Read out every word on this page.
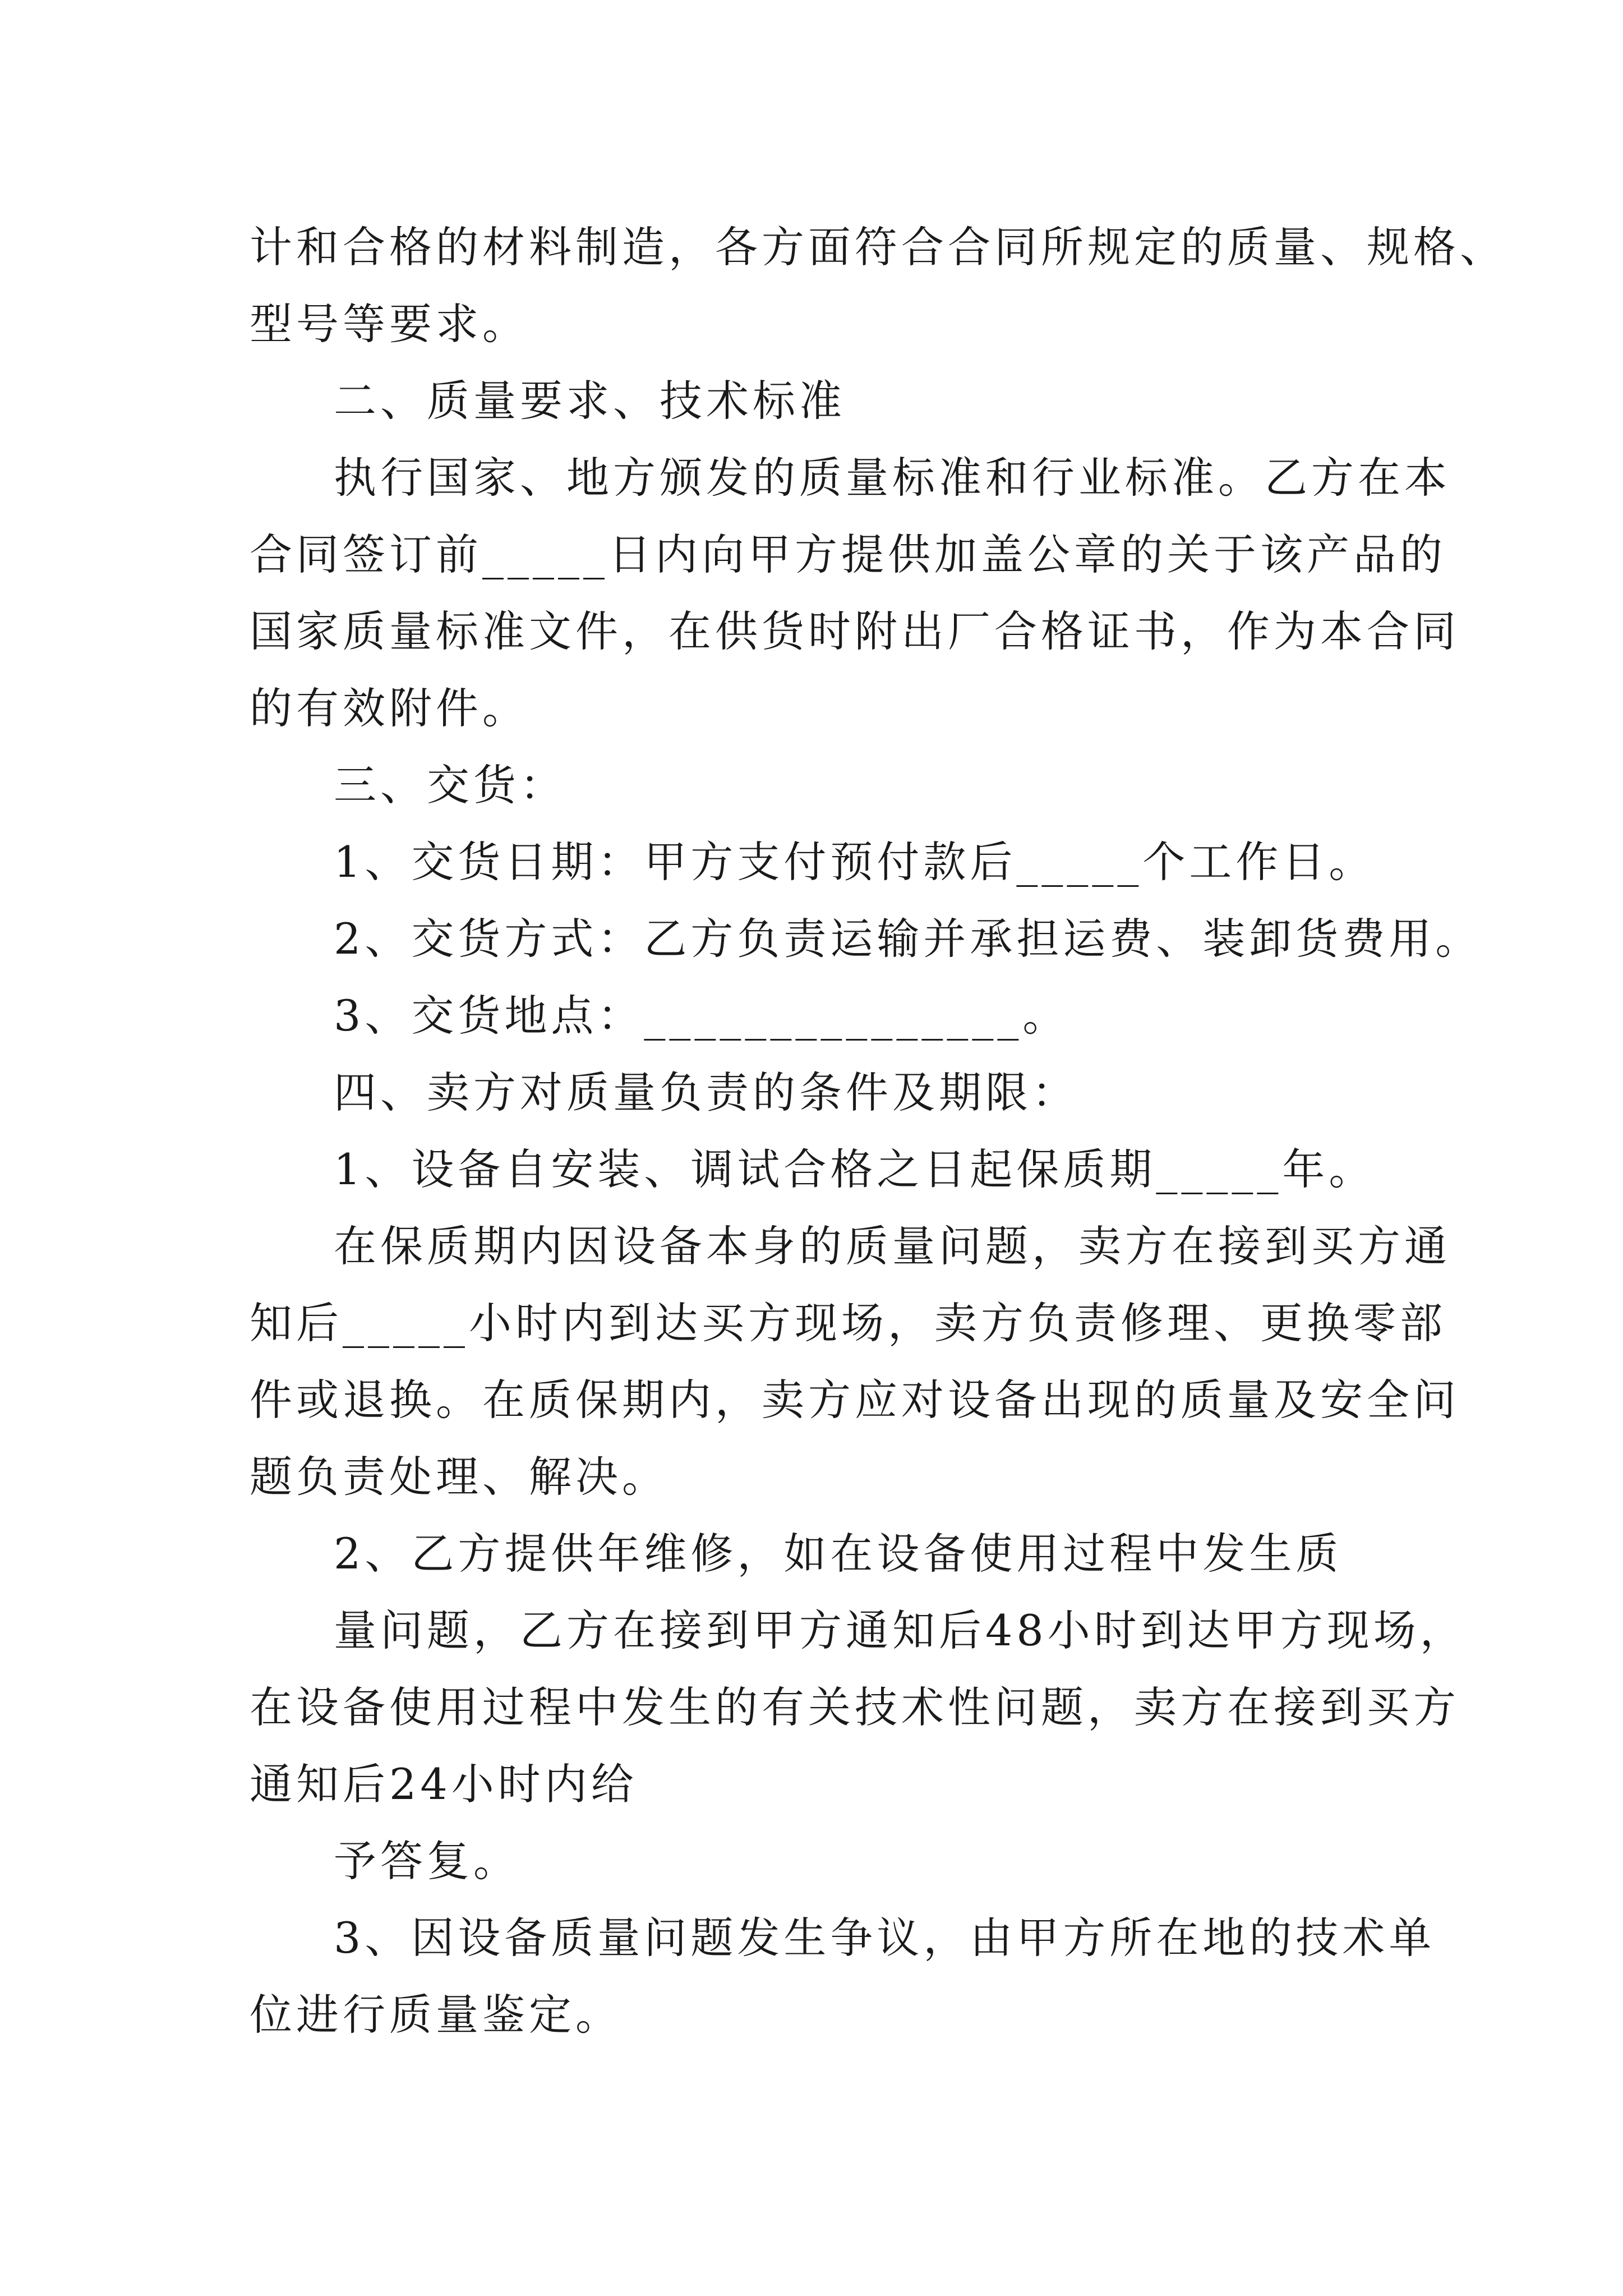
计和合格的材料制造，各方面符合合同所规定的质量、规格、
型号等要求。
二、质量要求、技术标准
执行国家、地方颁发的质量标准和行业标准。乙方在本
合同签订前_____日内向甲方提供加盖公章的关于该产品的
国家质量标准文件，在供货时附出厂合格证书，作为本合同
的有效附件。
三、交货：
1、交货日期：甲方支付预付款后_____个工作日。
2、交货方式：乙方负责运输并承担运费、装卸货费用。
3、交货地点：_______________。
四、卖方对质量负责的条件及期限：
1、设备自安装、调试合格之日起保质期_____年。
在保质期内因设备本身的质量问题，卖方在接到买方通
知后_____小时内到达买方现场，卖方负责修理、更换零部
件或退换。在质保期内，卖方应对设备出现的质量及安全问
题负责处理、解决。
2、乙方提供年维修，如在设备使用过程中发生质
量问题，乙方在接到甲方通知后48小时到达甲方现场，
在设备使用过程中发生的有关技术性问题，卖方在接到买方
通知后24小时内给
予答复。
3、因设备质量问题发生争议，由甲方所在地的技术单
位进行质量鉴定。
